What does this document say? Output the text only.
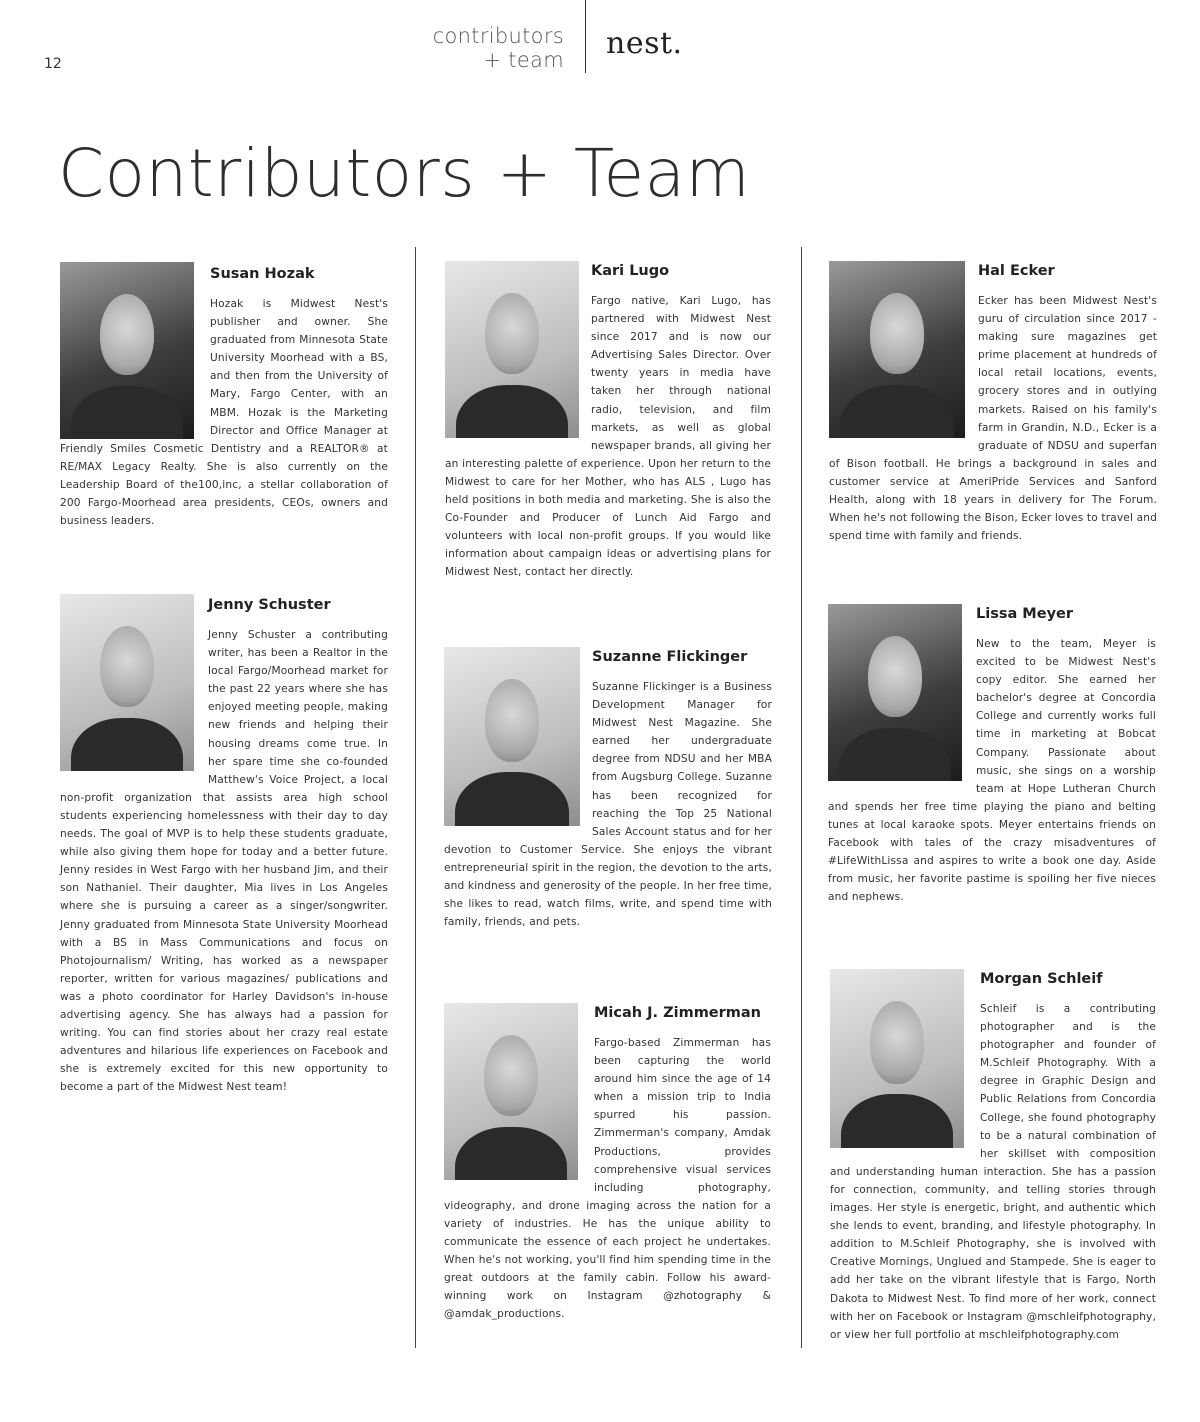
12
contributors
+ team nest.
Contributors + Team
Susan Hozak

Hozak is Midwest Nest's publisher and owner. She graduated from Minnesota State University Moorhead with a BS, and then from the University of Mary, Fargo Center, with an MBM. Hozak is the Marketing Director and Office Manager at Friendly Smiles Cosmetic Dentistry and a REALTOR® at RE/MAX Legacy Realty. She is also currently on the Leadership Board of the100,inc, a stellar collaboration of 200 Fargo-Moorhead area presidents, CEOs, owners and business leaders.

Jenny Schuster

Jenny Schuster a contributing writer, has been a Realtor in the local Fargo/Moorhead market for the past 22 years where she has enjoyed meeting people, making new friends and helping their housing dreams come true. In her spare time she co-founded Matthew's Voice Project, a local non-profit organization that assists area high school students experiencing homelessness with their day to day needs. The goal of MVP is to help these students graduate, while also giving them hope for today and a better future. Jenny resides in West Fargo with her husband Jim, and their son Nathaniel. Their daughter, Mia lives in Los Angeles where she is pursuing a career as a singer/songwriter. Jenny graduated from Minnesota State University Moorhead with a BS in Mass Communications and focus on Photojournalism/ Writing, has worked as a newspaper reporter, written for various magazines/ publications and was a photo coordinator for Harley Davidson's in-house advertising agency. She has always had a passion for writing. You can find stories about her crazy real estate adventures and hilarious life experiences on Facebook and she is extremely excited for this new opportunity to become a part of the Midwest Nest team!

Kari Lugo

Fargo native, Kari Lugo, has partnered with Midwest Nest since 2017 and is now our Advertising Sales Director. Over twenty years in media have taken her through national radio, television, and film markets, as well as global newspaper brands, all giving her an interesting palette of experience. Upon her return to the Midwest to care for her Mother, who has ALS , Lugo has held positions in both media and marketing. She is also the Co-Founder and Producer of Lunch Aid Fargo and volunteers with local non-profit groups. If you would like information about campaign ideas or advertising plans for Midwest Nest, contact her directly.

Suzanne Flickinger

Suzanne Flickinger is a Business Development Manager for Midwest Nest Magazine. She earned her undergraduate degree from NDSU and her MBA from Augsburg College. Suzanne has been recognized for reaching the Top 25 National Sales Account status and for her devotion to Customer Service. She enjoys the vibrant entrepreneurial spirit in the region, the devotion to the arts, and kindness and generosity of the people. In her free time, she likes to read, watch films, write, and spend time with family, friends, and pets.

Micah J. Zimmerman

Fargo-based Zimmerman has been capturing the world around him since the age of 14 when a mission trip to India spurred his passion. Zimmerman's company, Amdak Productions, provides comprehensive visual services including photography, videography, and drone imaging across the nation for a variety of industries. He has the unique ability to communicate the essence of each project he undertakes. When he's not working, you'll find him spending time in the great outdoors at the family cabin. Follow his award-winning work on Instagram @zhotography & @amdak_productions.

Hal Ecker

Ecker has been Midwest Nest's guru of circulation since 2017 - making sure magazines get prime placement at hundreds of local retail locations, events, grocery stores and in outlying markets. Raised on his family's farm in Grandin, N.D., Ecker is a graduate of NDSU and superfan of Bison football. He brings a background in sales and customer service at AmeriPride Services and Sanford Health, along with 18 years in delivery for The Forum. When he's not following the Bison, Ecker loves to travel and spend time with family and friends.

Lissa Meyer

New to the team, Meyer is excited to be Midwest Nest's copy editor. She earned her bachelor's degree at Concordia College and currently works full time in marketing at Bobcat Company. Passionate about music, she sings on a worship team at Hope Lutheran Church and spends her free time playing the piano and belting tunes at local karaoke spots. Meyer entertains friends on Facebook with tales of the crazy misadventures of #LifeWithLissa and aspires to write a book one day. Aside from music, her favorite pastime is spoiling her five nieces and nephews.

Morgan Schleif

Schleif is a contributing photographer and is the photographer and founder of M.Schleif Photography. With a degree in Graphic Design and Public Relations from Concordia College, she found photography to be a natural combination of her skillset with composition and understanding human interaction. She has a passion for connection, community, and telling stories through images. Her style is energetic, bright, and authentic which she lends to event, branding, and lifestyle photography. In addition to M.Schleif Photography, she is involved with Creative Mornings, Unglued and Stampede. She is eager to add her take on the vibrant lifestyle that is Fargo, North Dakota to Midwest Nest. To find more of her work, connect with her on Facebook or Instagram @mschleifphotography, or view her full portfolio at mschleifphotography.com
